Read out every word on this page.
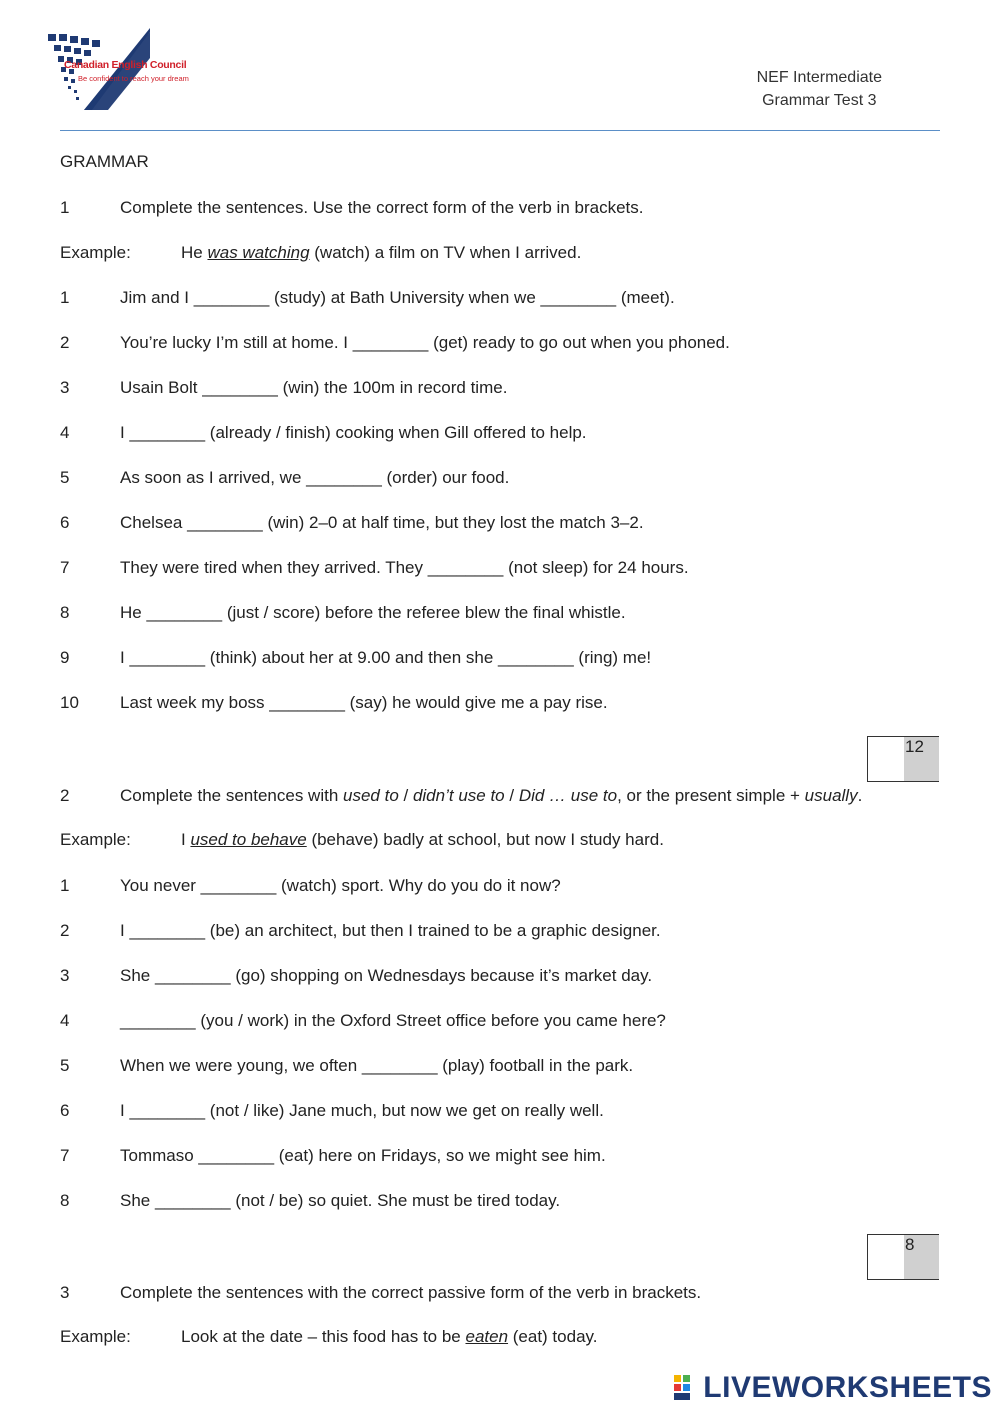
Canadian English Council
Be confident to reach your dream	NEF Intermediate
Grammar Test 3
GRAMMAR
1	Complete the sentences. Use the correct form of the verb in brackets.
Example:	He was watching (watch) a film on TV when I arrived.
1	Jim and I ________ (study) at Bath University when we ________ (meet).
2	You’re lucky I’m still at home. I ________ (get) ready to go out when you phoned.
3	Usain Bolt ________ (win) the 100m in record time.
4	I ________ (already / finish) cooking when Gill offered to help.
5	As soon as I arrived, we ________ (order) our food.
6	Chelsea ________ (win) 2–0 at half time, but they lost the match 3–2.
7	They were tired when they arrived. They ________ (not sleep) for 24 hours.
8	He ________ (just / score) before the referee blew the final whistle.
9	I ________ (think) about her at 9.00 and then she ________ (ring) me!
10 Last week my boss ________ (say) he would give me a pay rise.
12
2	Complete the sentences with used to / didn’t use to / Did … use to, or the present simple + usually.
Example:	I used to behave (behave) badly at school, but now I study hard.
1	You never ________ (watch) sport. Why do you do it now?
2	I ________ (be) an architect, but then I trained to be a graphic designer.
3	She ________ (go) shopping on Wednesdays because it’s market day.
4	________ (you / work) in the Oxford Street office before you came here?
5	When we were young, we often ________ (play) football in the park.
6	I ________ (not / like) Jane much, but now we get on really well.
7	Tommaso ________ (eat) here on Fridays, so we might see him.
8	She ________ (not / be) so quiet. She must be tired today.
8
3	Complete the sentences with the correct passive form of the verb in brackets.
Example:	Look at the date – this food has to be eaten (eat) today.
LIVEWORKSHEETS
